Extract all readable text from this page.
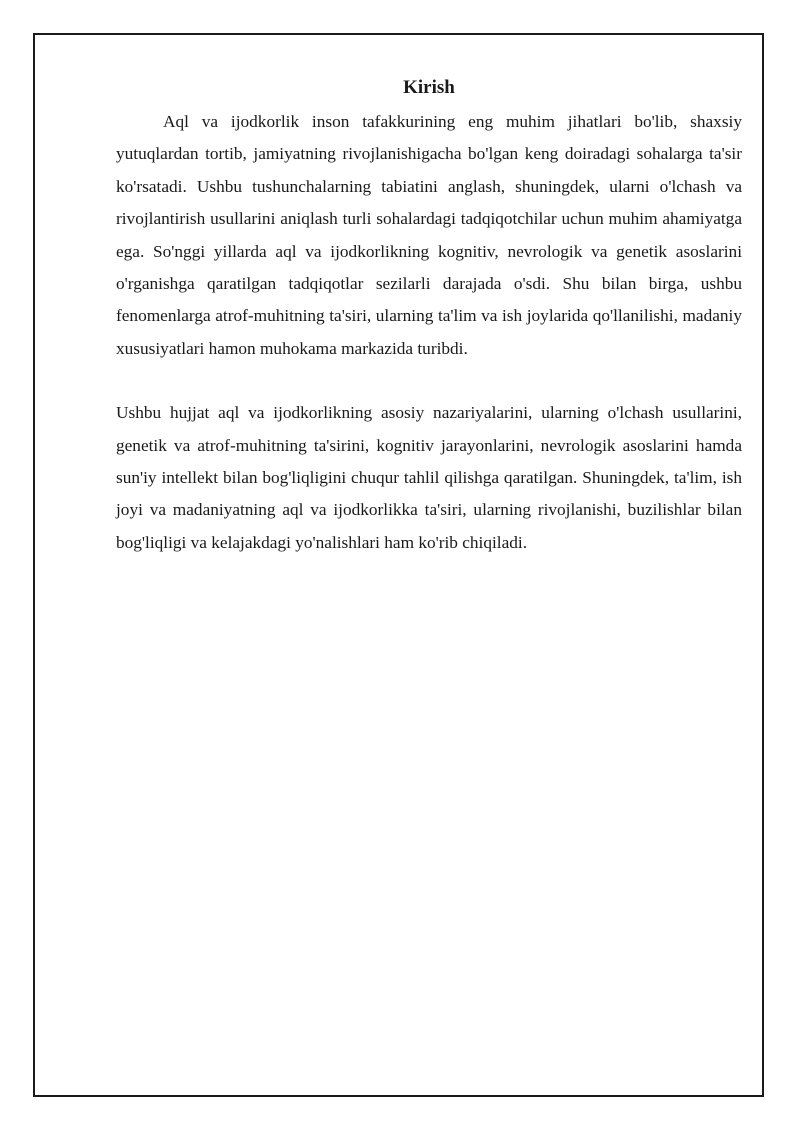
Kirish

Aql va ijodkorlik inson tafakkurining eng muhim jihatlari bo'lib, shaxsiy yutuqlardan tortib, jamiyatning rivojlanishigacha bo'lgan keng doiradagi sohalarga ta'sir ko'rsatadi. Ushbu tushunchalarning tabiatini anglash, shuningdek, ularni o'lchash va rivojlantirish usullarini aniqlash turli sohalardagi tadqiqotchilar uchun muhim ahamiyatga ega. So'nggi yillarda aql va ijodkorlikning kognitiv, nevrologik va genetik asoslarini o'rganishga qaratilgan tadqiqotlar sezilarli darajada o'sdi. Shu bilan birga, ushbu fenomenlarga atrof-muhitning ta'siri, ularning ta'lim va ish joylarida qo'llanilishi, madaniy xususiyatlari hamon muhokama markazida turibdi.

Ushbu hujjat aql va ijodkorlikning asosiy nazariyalarini, ularning o'lchash usullarini, genetik va atrof-muhitning ta'sirini, kognitiv jarayonlarini, nevrologik asoslarini hamda sun'iy intellekt bilan bog'liqligini chuqur tahlil qilishga qaratilgan. Shuningdek, ta'lim, ish joyi va madaniyatning aql va ijodkorlikka ta'siri, ularning rivojlanishi, buzilishlar bilan bog'liqligi va kelajakdagi yo'nalishlari ham ko'rib chiqiladi.
